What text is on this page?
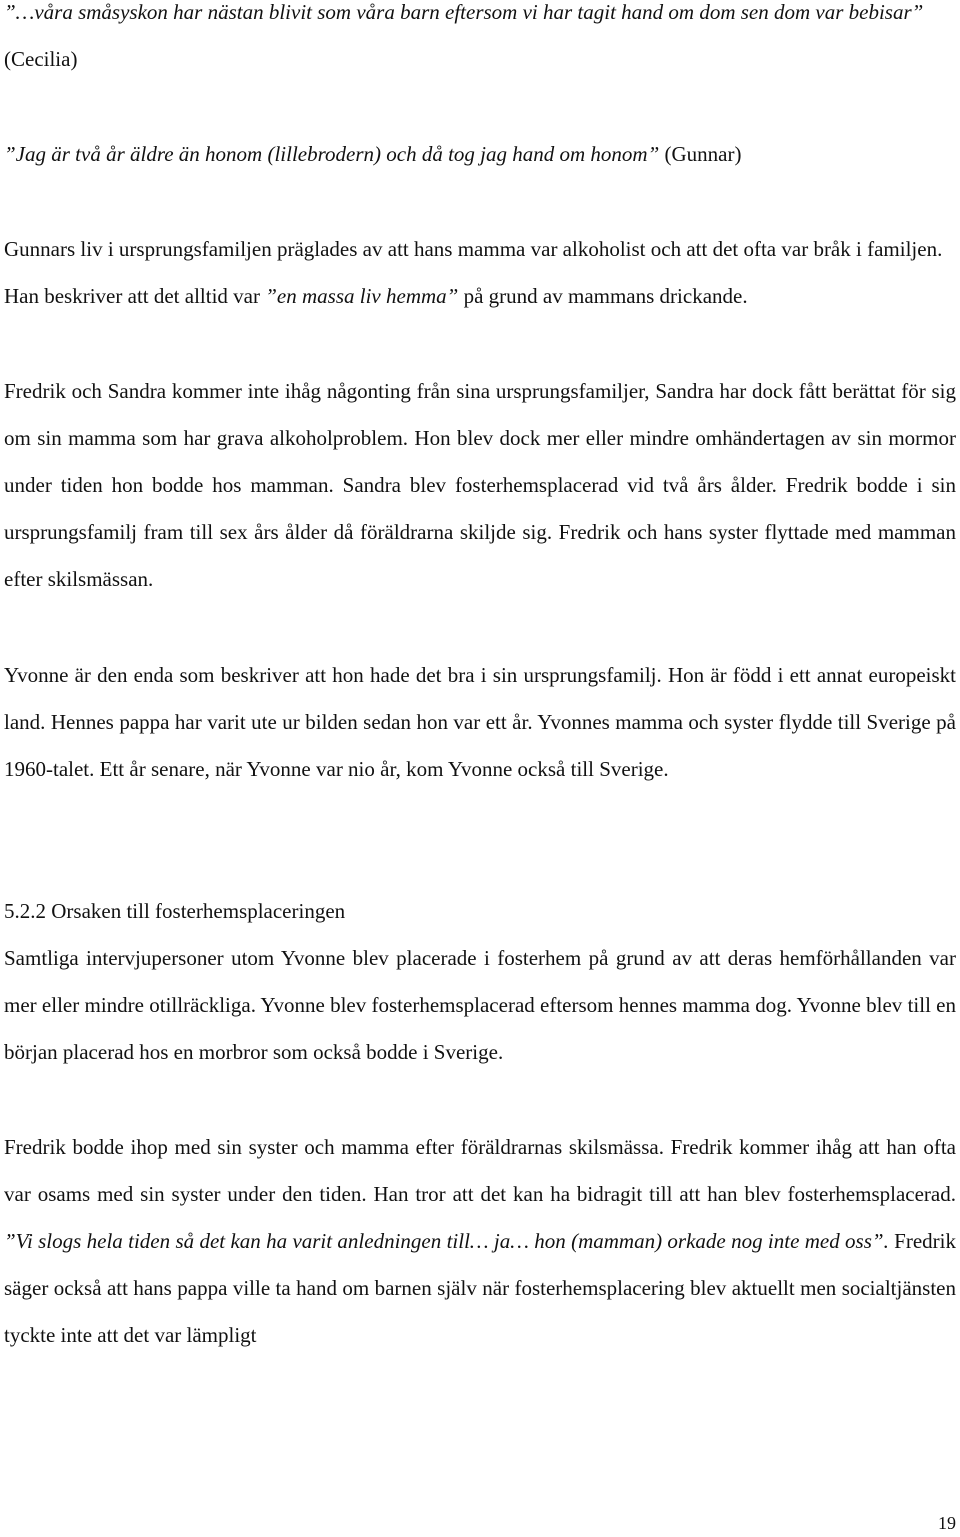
”…våra småsyskon har nästan blivit som våra barn eftersom vi har tagit hand om dom sen dom var bebisar” (Cecilia)

”Jag är två år äldre än honom (lillebrodern) och då tog jag hand om honom” (Gunnar)

Gunnars liv i ursprungsfamiljen präglades av att hans mamma var alkoholist och att det ofta var bråk i familjen. Han beskriver att det alltid var ”en massa liv hemma” på grund av mammans drickande.

Fredrik och Sandra kommer inte ihåg någonting från sina ursprungsfamiljer, Sandra har dock fått berättat för sig om sin mamma som har grava alkoholproblem. Hon blev dock mer eller mindre omhändertagen av sin mormor under tiden hon bodde hos mamman. Sandra blev fosterhemsplacerad vid två års ålder. Fredrik bodde i sin ursprungsfamilj fram till sex års ålder då föräldrarna skiljde sig. Fredrik och hans syster flyttade med mamman efter skilsmässan.

Yvonne är den enda som beskriver att hon hade det bra i sin ursprungsfamilj. Hon är född i ett annat europeiskt land. Hennes pappa har varit ute ur bilden sedan hon var ett år. Yvonnes mamma och syster flydde till Sverige på 1960-talet. Ett år senare, när Yvonne var nio år, kom Yvonne också till Sverige.

5.2.2 Orsaken till fosterhemsplaceringen

Samtliga intervjupersoner utom Yvonne blev placerade i fosterhem på grund av att deras hemförhållanden var mer eller mindre otillräckliga. Yvonne blev fosterhemsplacerad eftersom hennes mamma dog. Yvonne blev till en början placerad hos en morbror som också bodde i Sverige.

Fredrik bodde ihop med sin syster och mamma efter föräldrarnas skilsmässa. Fredrik kommer ihåg att han ofta var osams med sin syster under den tiden. Han tror att det kan ha bidragit till att han blev fosterhemsplacerad. ”Vi slogs hela tiden så det kan ha varit anledningen till… ja… hon (mamman) orkade nog inte med oss”. Fredrik säger också att hans pappa ville ta hand om barnen själv när fosterhemsplacering blev aktuellt men socialtjänsten tyckte inte att det var lämpligt

19
